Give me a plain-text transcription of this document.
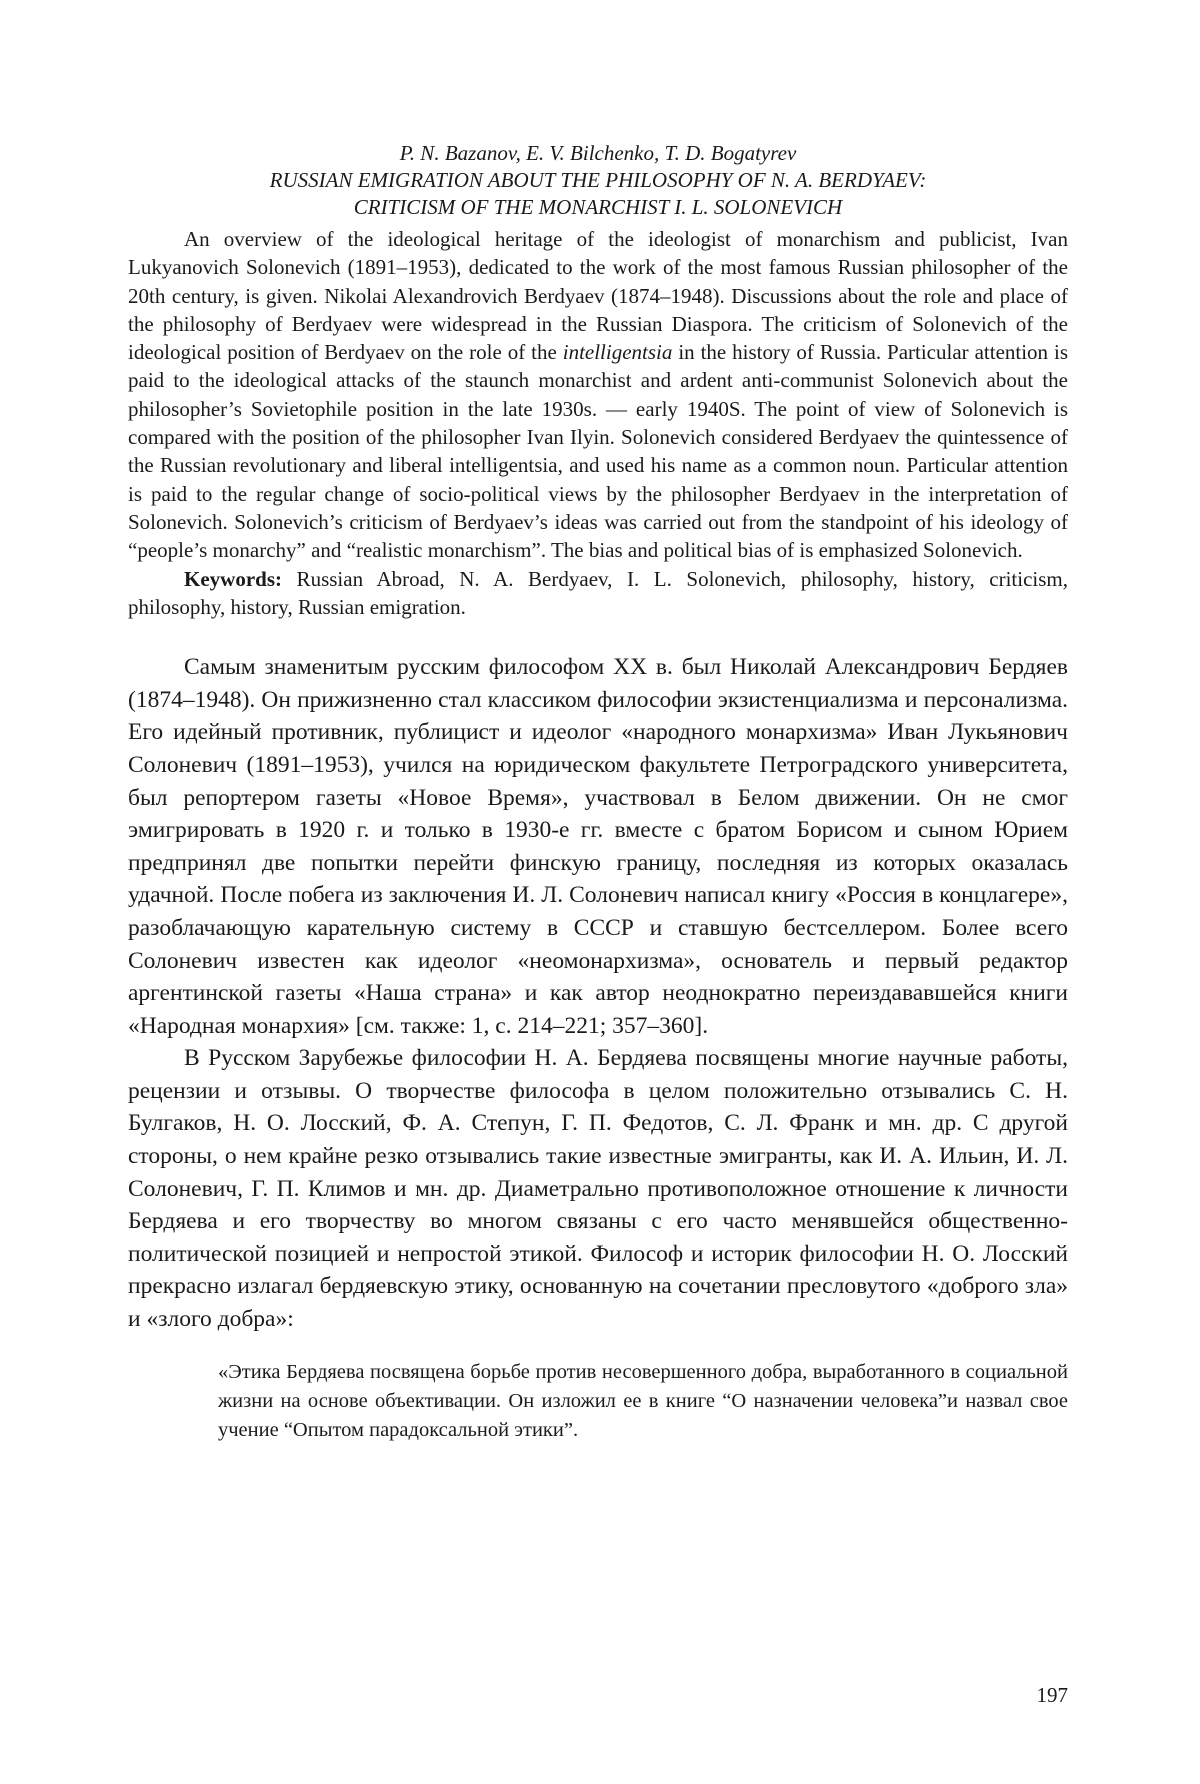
P. N. Bazanov, E. V. Bilchenko, T. D. Bogatyrev
RUSSIAN EMIGRATION ABOUT THE PHILOSOPHY OF N. A. BERDYAEV:
CRITICISM OF THE MONARCHIST I. L. SOLONEVICH

An overview of the ideological heritage of the ideologist of monarchism and publicist, Ivan Lukyanovich Solonevich (1891–1953), dedicated to the work of the most famous Russian philosopher of the 20th century, is given. Nikolai Alexandrovich Berdyaev (1874–1948). Discussions about the role and place of the philosophy of Berdyaev were widespread in the Russian Diaspora. The criticism of Solonevich of the ideological position of Berdyaev on the role of the intelligentsia in the history of Russia. Particular attention is paid to the ideological attacks of the staunch monarchist and ardent anti-communist Solonevich about the philosopher’s Sovietophile position in the late 1930s. — early 1940S. The point of view of Solonevich is compared with the position of the philosopher Ivan Ilyin. Solonevich considered Berdyaev the quintessence of the Russian revolutionary and liberal intelligentsia, and used his name as a common noun. Particular attention is paid to the regular change of socio-political views by the philosopher Berdyaev in the interpretation of Solonevich. Solonevich’s criticism of Berdyaev’s ideas was carried out from the standpoint of his ideology of “people’s monarchy” and “realistic monarchism”. The bias and political bias of is emphasized Solonevich.

Keywords: Russian Abroad, N. A. Berdyaev, I. L. Solonevich, philosophy, history, criticism, philosophy, history, Russian emigration.

Самым знаменитым русским философом XX в. был Николай Александрович Бердяев (1874–1948). Он прижизненно стал классиком философии экзистенциализма и персонализма. Его идейный противник, публицист и идеолог «народного монархизма» Иван Лукьянович Солоневич (1891–1953), учился на юридическом факультете Петроградского университета, был репортером газеты «Новое Время», участвовал в Белом движении. Он не смог эмигрировать в 1920 г. и только в 1930-е гг. вместе с братом Борисом и сыном Юрием предпринял две попытки перейти финскую границу, последняя из которых оказалась удачной. После побега из заключения И. Л. Солоневич написал книгу «Россия в концлагере», разоблачающую карательную систему в СССР и ставшую бестселлером. Более всего Солоневич известен как идеолог «неомонархизма», основатель и первый редактор аргентинской газеты «Наша страна» и как автор неоднократно переиздававшейся книги «Народная монархия» [см. также: 1, с. 214–221; 357–360].

В Русском Зарубежье философии Н. А. Бердяева посвящены многие научные работы, рецензии и отзывы. О творчестве философа в целом положительно отзывались С. Н. Булгаков, Н. О. Лосский, Ф. А. Степун, Г. П. Федотов, С. Л. Франк и мн. др. С другой стороны, о нем крайне резко отзывались такие известные эмигранты, как И. А. Ильин, И. Л. Солоневич, Г. П. Климов и мн. др. Диаметрально противоположное отношение к личности Бердяева и его творчеству во многом связаны с его часто менявшейся общественно-политической позицией и непростой этикой. Философ и историк философии Н. О. Лосский прекрасно излагал бердяевскую этику, основанную на сочетании пресловутого «доброго зла» и «злого добра»:

«Этика Бердяева посвящена борьбе против несовершенного добра, выработанного в социальной жизни на основе объективации. Он изложил ее в книге “О назначении человека”и назвал свое учение “Опытом парадоксальной этики”.

197
